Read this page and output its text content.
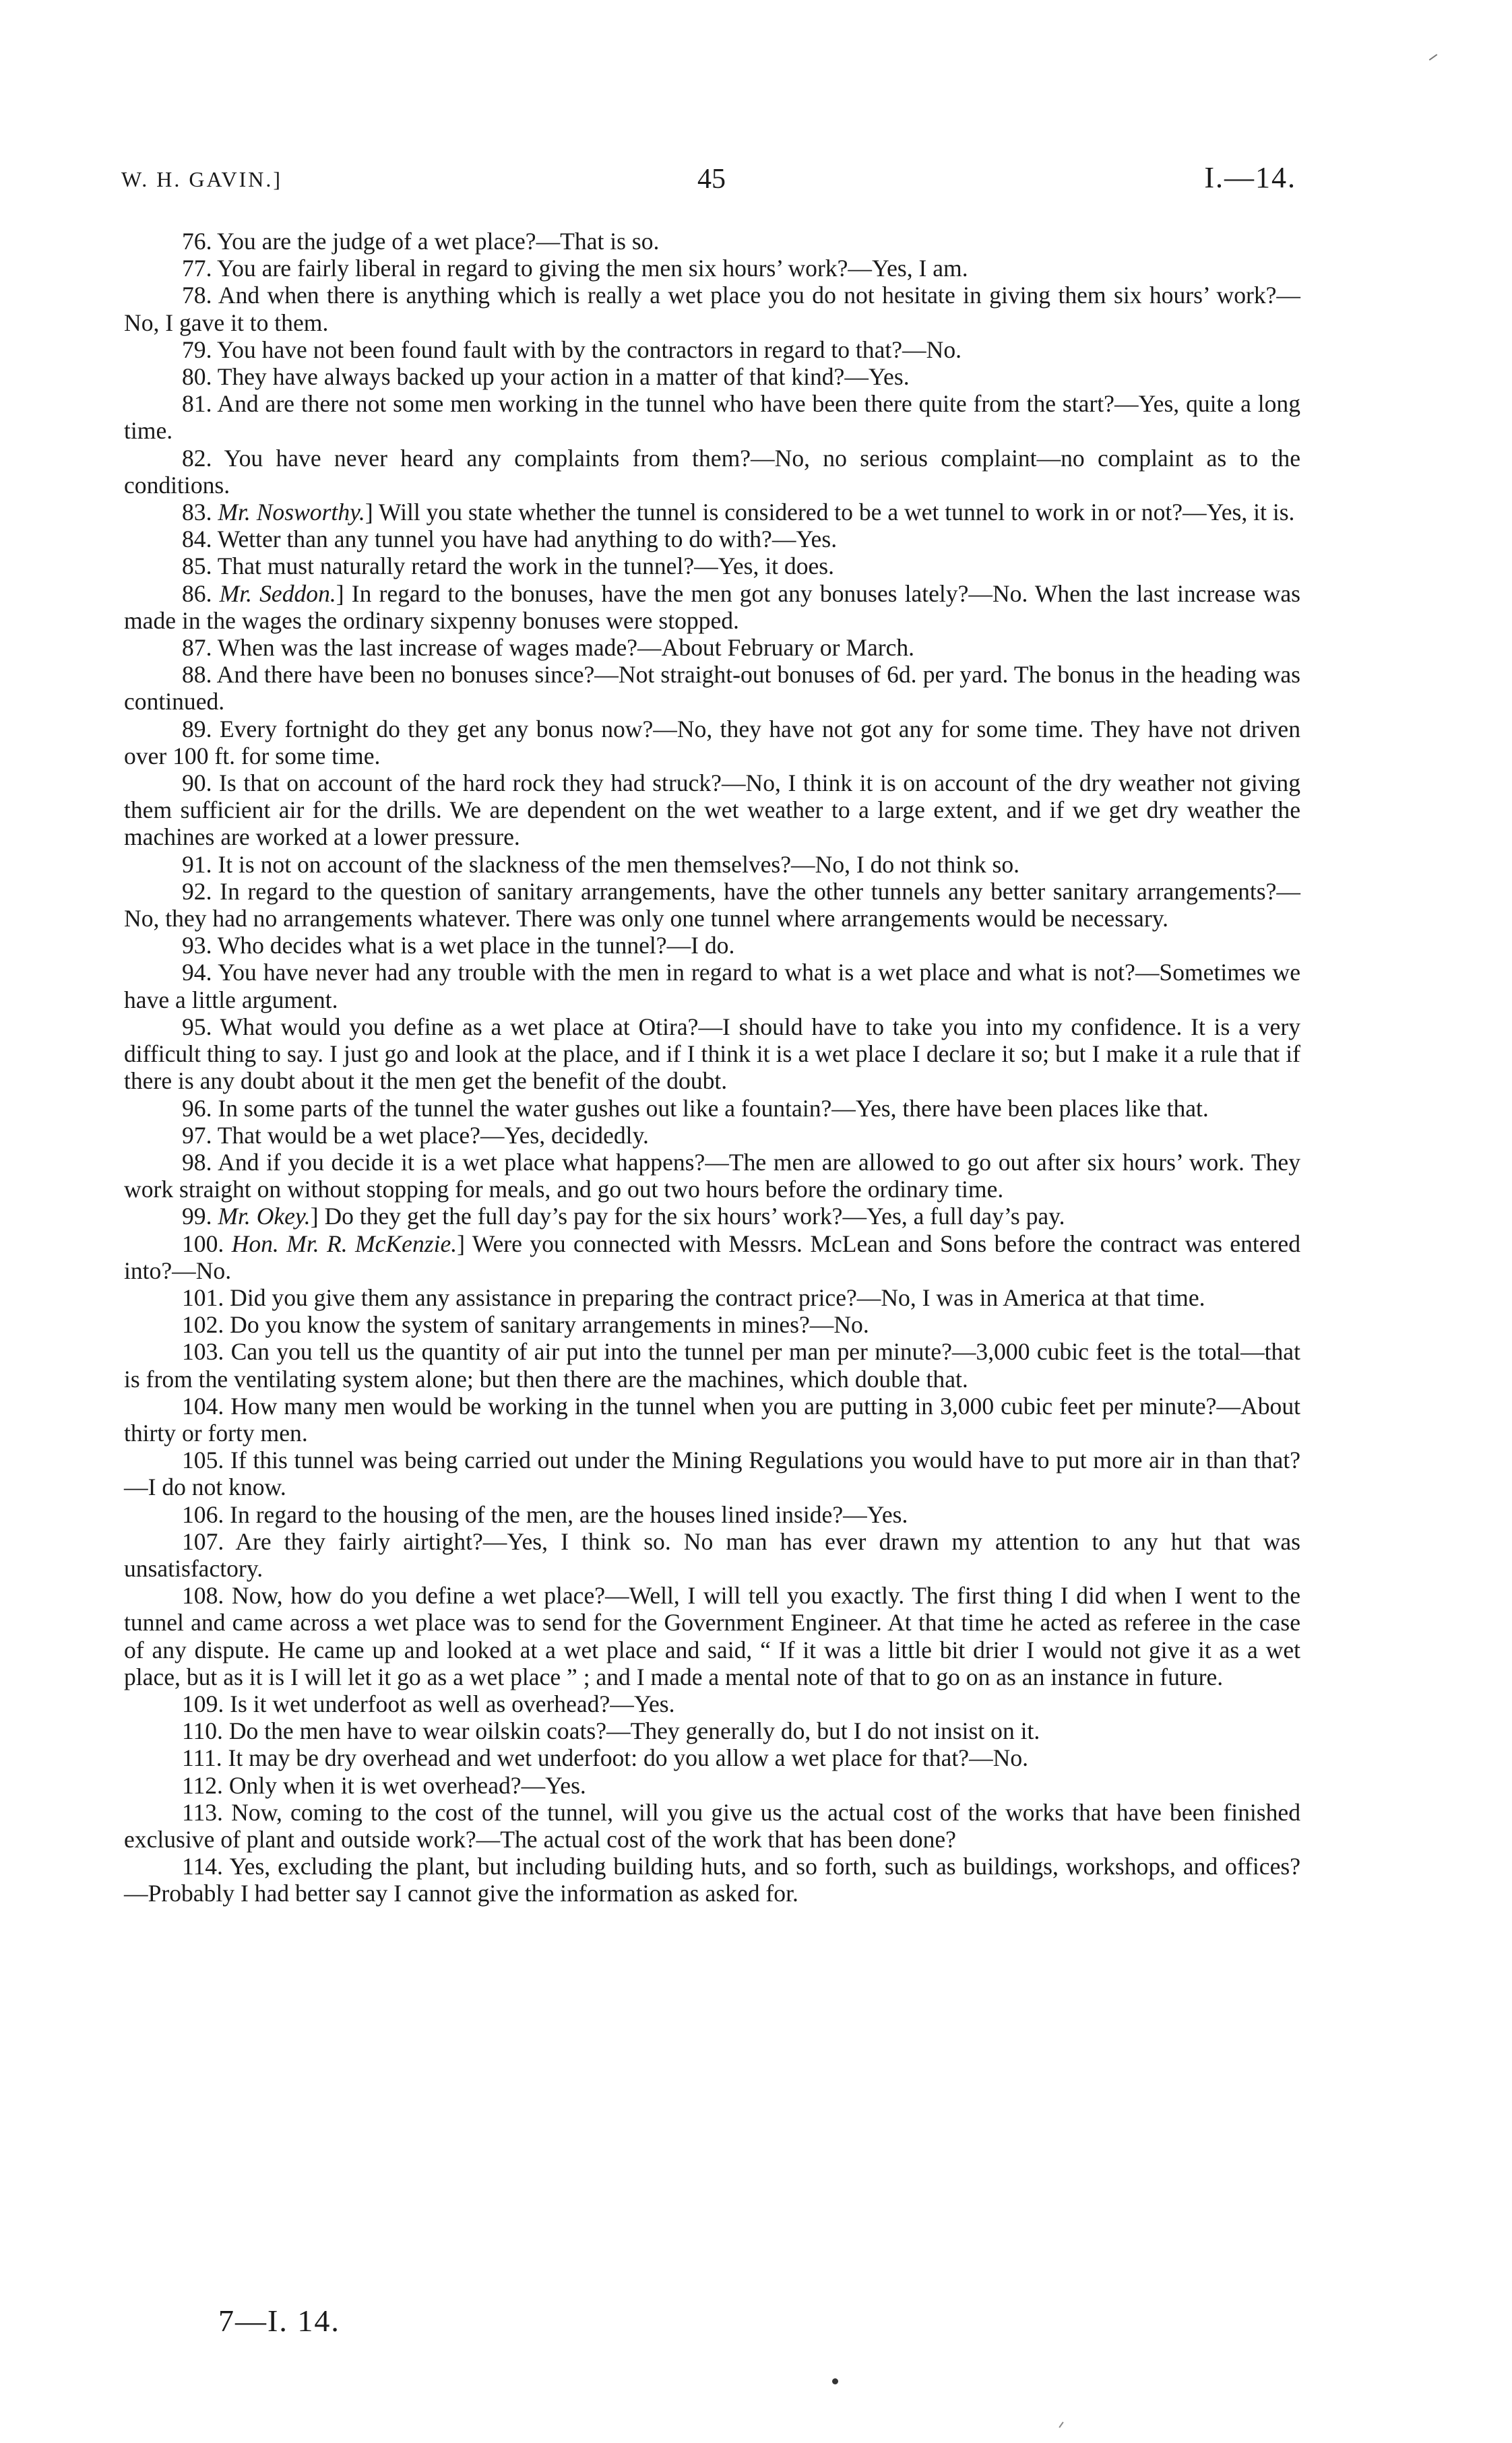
W. H. GAVIN.]	45	I.—14.

76. You are the judge of a wet place?—That is so.

77. You are fairly liberal in regard to giving the men six hours’ work?—Yes, I am.

78. And when there is anything which is really a wet place you do not hesitate in giving them six hours’ work?—No, I gave it to them.

79. You have not been found fault with by the contractors in regard to that?—No.

80. They have always backed up your action in a matter of that kind?—Yes.

81. And are there not some men working in the tunnel who have been there quite from the start?—Yes, quite a long time.

82. You have never heard any complaints from them?—No, no serious complaint—no complaint as to the conditions.

83. Mr. Nosworthy.] Will you state whether the tunnel is considered to be a wet tunnel to work in or not?—Yes, it is.

84. Wetter than any tunnel you have had anything to do with?—Yes.

85. That must naturally retard the work in the tunnel?—Yes, it does.

86. Mr. Seddon.] In regard to the bonuses, have the men got any bonuses lately?—No. When the last increase was made in the wages the ordinary sixpenny bonuses were stopped.

87. When was the last increase of wages made?—About February or March.

88. And there have been no bonuses since?—Not straight-out bonuses of 6d. per yard. The bonus in the heading was continued.

89. Every fortnight do they get any bonus now?—No, they have not got any for some time. They have not driven over 100 ft. for some time.

90. Is that on account of the hard rock they had struck?—No, I think it is on account of the dry weather not giving them sufficient air for the drills. We are dependent on the wet weather to a large extent, and if we get dry weather the machines are worked at a lower pressure.

91. It is not on account of the slackness of the men themselves?—No, I do not think so.

92. In regard to the question of sanitary arrangements, have the other tunnels any better sanitary arrangements?—No, they had no arrangements whatever. There was only one tunnel where arrangements would be necessary.

93. Who decides what is a wet place in the tunnel?—I do.

94. You have never had any trouble with the men in regard to what is a wet place and what is not?—Sometimes we have a little argument.

95. What would you define as a wet place at Otira?—I should have to take you into my confidence. It is a very difficult thing to say. I just go and look at the place, and if I think it is a wet place I declare it so; but I make it a rule that if there is any doubt about it the men get the benefit of the doubt.

96. In some parts of the tunnel the water gushes out like a fountain?—Yes, there have been places like that.

97. That would be a wet place?—Yes, decidedly.

98. And if you decide it is a wet place what happens?—The men are allowed to go out after six hours’ work. They work straight on without stopping for meals, and go out two hours before the ordinary time.

99. Mr. Okey.] Do they get the full day’s pay for the six hours’ work?—Yes, a full day’s pay.

100. Hon. Mr. R. McKenzie.] Were you connected with Messrs. McLean and Sons before the contract was entered into?—No.

101. Did you give them any assistance in preparing the contract price?—No, I was in America at that time.

102. Do you know the system of sanitary arrangements in mines?—No.

103. Can you tell us the quantity of air put into the tunnel per man per minute?—3,000 cubic feet is the total—that is from the ventilating system alone; but then there are the machines, which double that.

104. How many men would be working in the tunnel when you are putting in 3,000 cubic feet per minute?—About thirty or forty men.

105. If this tunnel was being carried out under the Mining Regulations you would have to put more air in than that?—I do not know.

106. In regard to the housing of the men, are the houses lined inside?—Yes.

107. Are they fairly airtight?—Yes, I think so. No man has ever drawn my attention to any hut that was unsatisfactory.

108. Now, how do you define a wet place?—Well, I will tell you exactly. The first thing I did when I went to the tunnel and came across a wet place was to send for the Government Engineer. At that time he acted as referee in the case of any dispute. He came up and looked at a wet place and said, “ If it was a little bit drier I would not give it as a wet place, but as it is I will let it go as a wet place ” ; and I made a mental note of that to go on as an instance in future.

109. Is it wet underfoot as well as overhead?—Yes.

110. Do the men have to wear oilskin coats?—They generally do, but I do not insist on it.

111. It may be dry overhead and wet underfoot: do you allow a wet place for that?—No.

112. Only when it is wet overhead?—Yes.

113. Now, coming to the cost of the tunnel, will you give us the actual cost of the works that have been finished exclusive of plant and outside work?—The actual cost of the work that has been done?

114. Yes, excluding the plant, but including building huts, and so forth, such as buildings, workshops, and offices?—Probably I had better say I cannot give the information as asked for.

7—I. 14.
